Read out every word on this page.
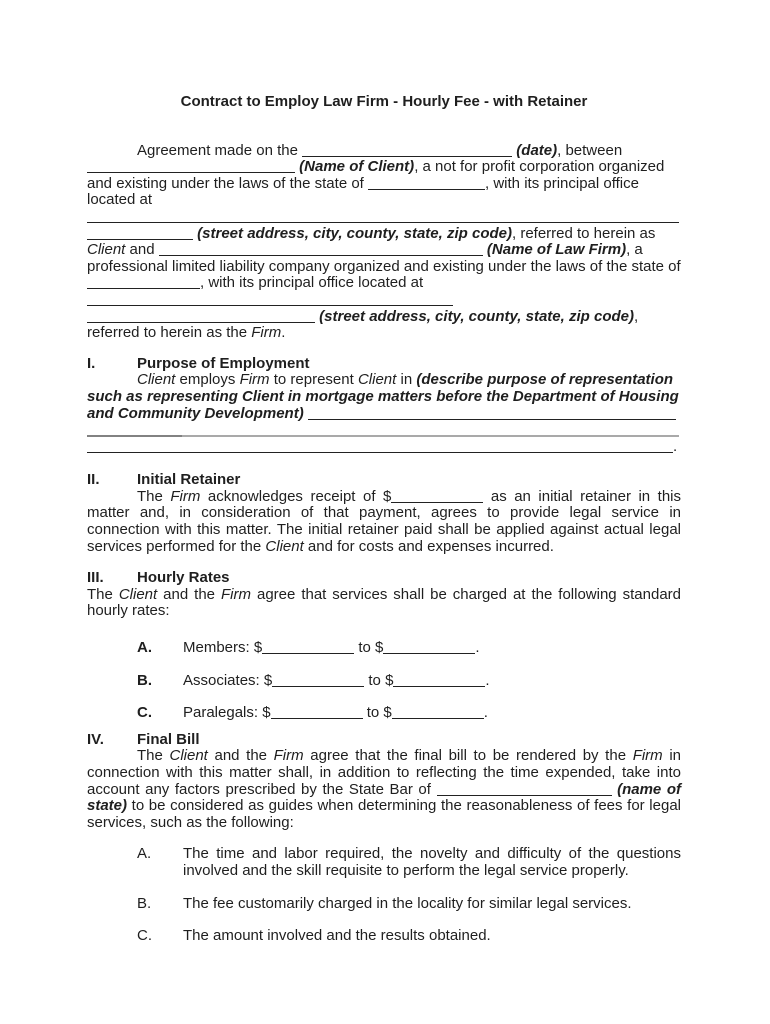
Contract to Employ Law Firm - Hourly Fee - with Retainer

Agreement made on the	(date), between  (Name of Client), a not for profit corporation organized and existing under the laws of the state of	, with its principal office located at   (street address, city, county, state, zip code), referred to herein as Client and	(Name of Law Firm), a professional limited liability company organized and existing under the laws of the state of , with its principal office located at   (street address, city, county, state, zip code), referred to herein as the Firm.

I.	Purpose of Employment

Client employs Firm to represent Client in (describe purpose of representation such as representing Client in mortgage matters before the Department of Housing and Community Development)   .

II. Initial Retainer

The Firm acknowledges receipt of $	as an initial retainer in this matter and, in consideration of that payment, agrees to provide legal service in connection with this matter. The initial retainer paid shall be applied against actual legal services performed for the Client and for costs and expenses incurred.

III. Hourly Rates

The Client and the Firm agree that services shall be charged at the following standard hourly rates:

A. Members: $	to $	.
B. Associates: $	to $	.
C. Paralegals: $	to $	.
IV. Final Bill

The Client and the Firm agree that the final bill to be rendered by the Firm in connection with this matter shall, in addition to reflecting the time expended, take into account any factors prescribed by the State Bar of	(name of state) to be considered as guides when determining the reasonableness of fees for legal services, such as the following:

A. The time and labor required, the novelty and difficulty of the questions involved and the skill requisite to perform the legal service properly.
B. The fee customarily charged in the locality for similar legal services.
C. The amount involved and the results obtained.
